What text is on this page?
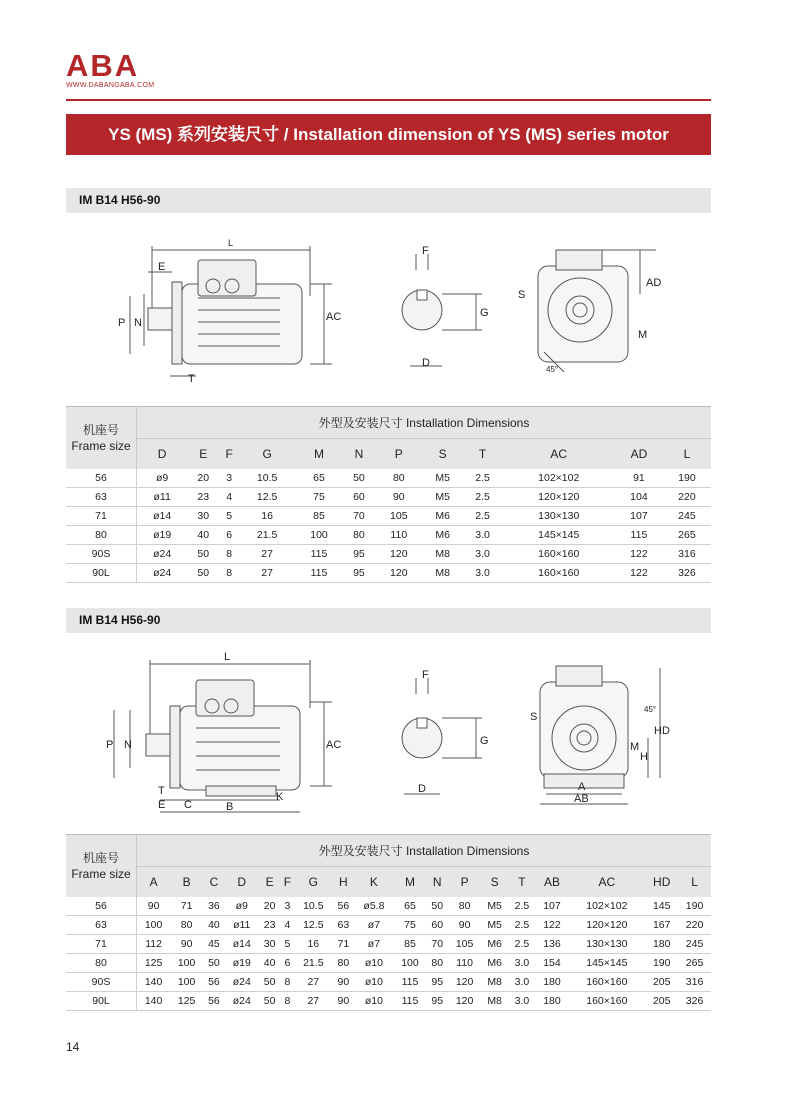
ABA
WWW.DABANGABA.COM
YS (MS) 系列安装尺寸 / Installation dimension of YS (MS) series motor
IM B14 H56-90
L
E
P N	AC
T
F
G
D
S
AD
M
45°
机座号
Frame size	外型及安装尺寸 Installation Dimensions											
	D	E	F	G	M	N	P	S	T	AC	AD	L
56	ø9	20	3	10.5	65	50	80	M5	2.5	102×102	91	190
63	ø11	23	4	12.5	75	60	90	M5	2.5	120×120	104	220
71	ø14	30	5	16	85	70	105	M6	2.5	130×130	107	245
80	ø19	40	6	21.5	100	80	110	M6	3.0	145×145	115	265
90S	ø24	50	8	27	115	95	120	M8	3.0	160×160	122	316
90L	ø24	50	8	27	115	95	120	M8	3.0	160×160	122	326
IM B14 H56-90
L
P N	AC
T
E C	B
K
F
G
D
S
45°
HD
M
H
A
AB
机座号
Frame size	外型及安装尺寸 Installation Dimensions																	
	A	B	C	D	E	F	G	H	K	M	N	P	S	T	AB	AC	HD	L
56	90	71	36	ø9	20	3	10.5	56	ø5.8	65	50	80	M5	2.5	107	102×102	145	190
63	100	80	40	ø11	23	4	12.5	63	ø7	75	60	90	M5	2.5	122	120×120	167	220
71	112	90	45	ø14	30	5	16	71	ø7	85	70	105	M6	2.5	136	130×130	180	245
80	125	100	50	ø19	40	6	21.5	80	ø10	100	80	110	M6	3.0	154	145×145	190	265
90S	140	100	56	ø24	50	8	27	90	ø10	115	95	120	M8	3.0	180	160×160	205	316
90L	140	125	56	ø24	50	8	27	90	ø10	115	95	120	M8	3.0	180	160×160	205	326
14
